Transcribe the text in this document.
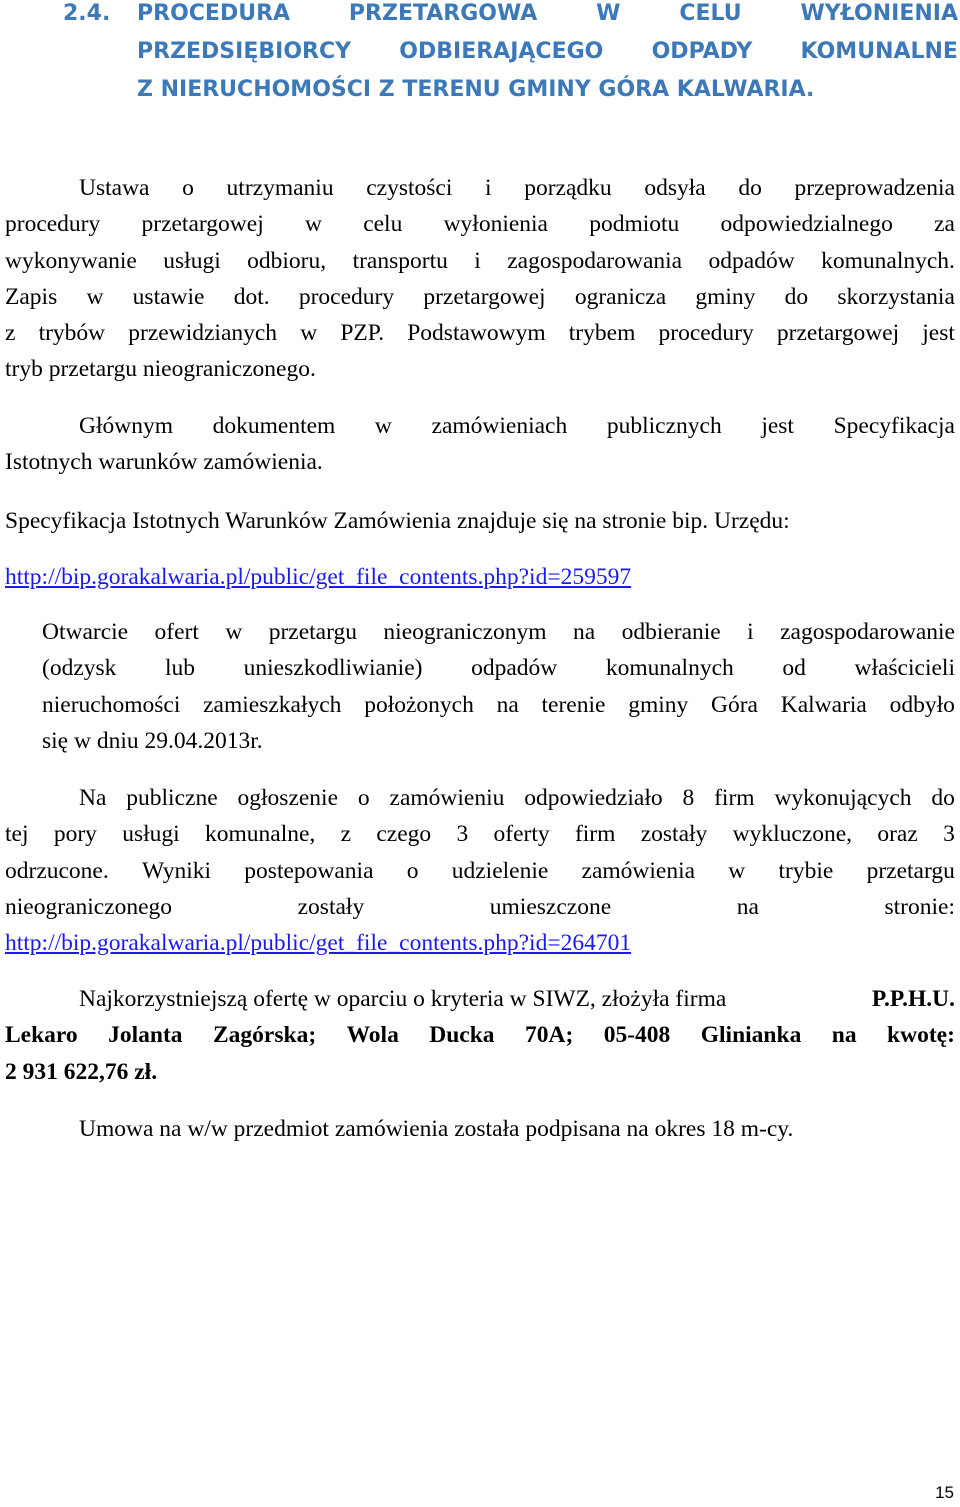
2.4.	PROCEDURA	PRZETARGOWA	W	CELU	WYŁONIENIA
PRZEDSIĘBIORCY ODBIERAJĄCEGO ODPADY KOMUNALNE
Z NIERUCHOMOŚCI Z TERENU GMINY GÓRA KALWARIA.
Ustawa o utrzymaniu czystości i porządku odsyła do przeprowadzenia
procedury przetargowej w celu wyłonienia podmiotu odpowiedzialnego za
wykonywanie usługi odbioru, transportu i zagospodarowania odpadów komunalnych.
Zapis w ustawie dot. procedury przetargowej ogranicza gminy do skorzystania
z trybów przewidzianych w PZP. Podstawowym trybem procedury przetargowej jest
tryb przetargu nieograniczonego.
Głównym dokumentem w zamówieniach publicznych jest Specyfikacja
Istotnych warunków zamówienia.
Specyfikacja Istotnych Warunków Zamówienia znajduje się na stronie bip. Urzędu:
http://bip.gorakalwaria.pl/public/get_file_contents.php?id=259597
Otwarcie ofert w przetargu nieograniczonym na odbieranie i zagospodarowanie
(odzysk lub unieszkodliwianie) odpadów komunalnych od właścicieli
nieruchomości zamieszkałych położonych na terenie gminy Góra Kalwaria odbyło
się w dniu 29.04.2013r.
Na publiczne ogłoszenie o zamówieniu odpowiedziało 8 firm wykonujących do
tej pory usługi komunalne, z czego 3 oferty firm zostały wykluczone, oraz 3
odrzucone. Wyniki postepowania o udzielenie zamówienia w trybie przetargu
nieograniczonego	zostały	umieszczone	na	stronie:
http://bip.gorakalwaria.pl/public/get_file_contents.php?id=264701
Najkorzystniejszą ofertę w oparciu o kryteria w SIWZ, złożyła firma	P.P.H.U.
Lekaro Jolanta Zagórska; Wola Ducka 70A; 05-408 Glinianka na kwotę:
2 931 622,76 zł.
Umowa na w/w przedmiot zamówienia została podpisana na okres 18 m-cy.
15
